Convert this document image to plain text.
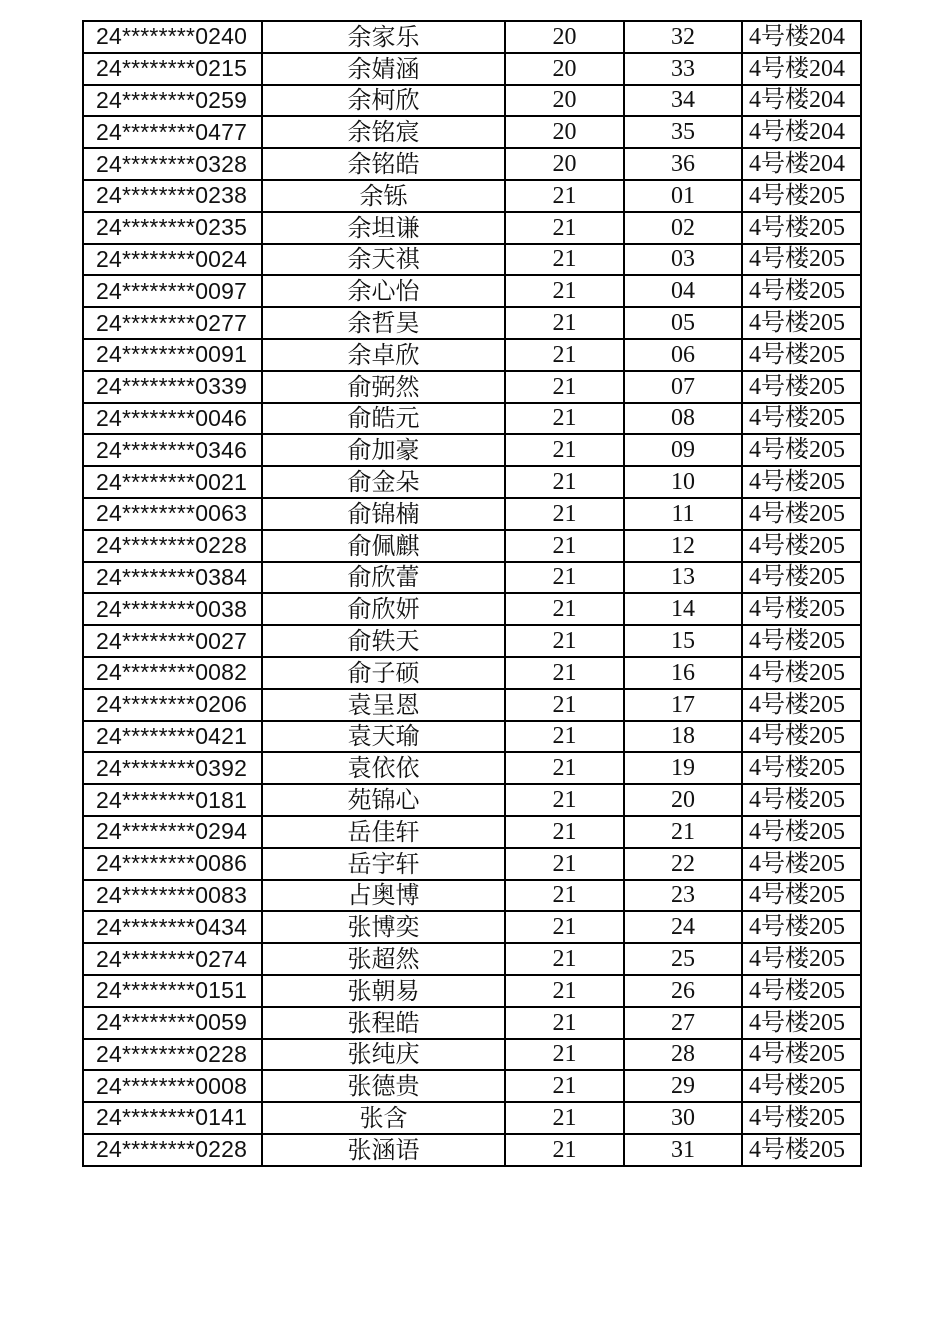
24********0240	余家乐	20	32	4号楼204
24********0215	余婧涵	20	33	4号楼204
24********0259	余柯欣	20	34	4号楼204
24********0477	余铭宸	20	35	4号楼204
24********0328	余铭皓	20	36	4号楼204
24********0238	余铄	21	01	4号楼205
24********0235	余坦谦	21	02	4号楼205
24********0024	余天祺	21	03	4号楼205
24********0097	余心怡	21	04	4号楼205
24********0277	余哲昊	21	05	4号楼205
24********0091	余卓欣	21	06	4号楼205
24********0339	俞弼然	21	07	4号楼205
24********0046	俞皓元	21	08	4号楼205
24********0346	俞加豪	21	09	4号楼205
24********0021	俞金朵	21	10	4号楼205
24********0063	俞锦楠	21	11	4号楼205
24********0228	俞佩麒	21	12	4号楼205
24********0384	俞欣蕾	21	13	4号楼205
24********0038	俞欣妍	21	14	4号楼205
24********0027	俞轶天	21	15	4号楼205
24********0082	俞子硕	21	16	4号楼205
24********0206	袁呈恩	21	17	4号楼205
24********0421	袁天瑜	21	18	4号楼205
24********0392	袁依依	21	19	4号楼205
24********0181	苑锦心	21	20	4号楼205
24********0294	岳佳轩	21	21	4号楼205
24********0086	岳宇轩	21	22	4号楼205
24********0083	占奥博	21	23	4号楼205
24********0434	张博奕	21	24	4号楼205
24********0274	张超然	21	25	4号楼205
24********0151	张朝易	21	26	4号楼205
24********0059	张程皓	21	27	4号楼205
24********0228	张纯庆	21	28	4号楼205
24********0008	张德贵	21	29	4号楼205
24********0141	张含	21	30	4号楼205
24********0228	张涵语	21	31	4号楼205
